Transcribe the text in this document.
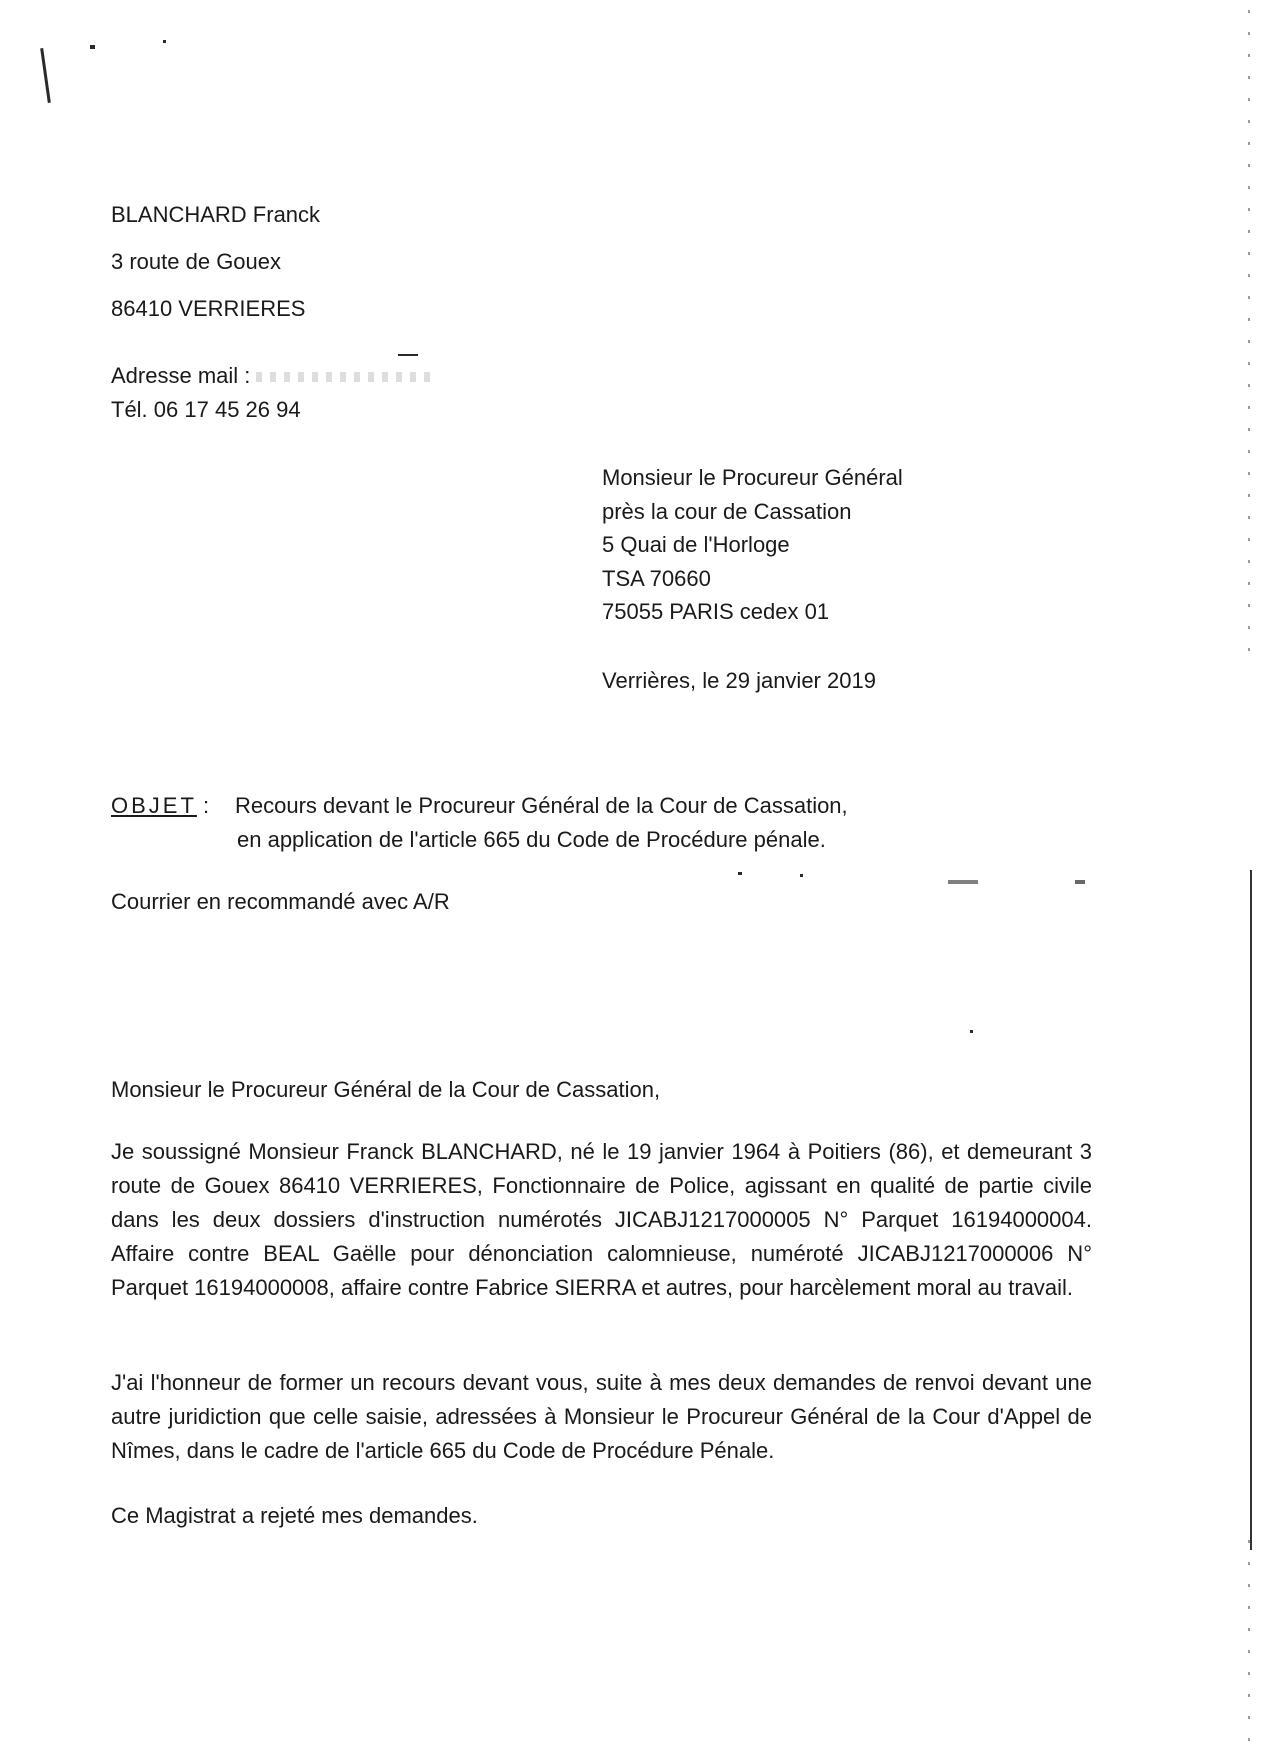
BLANCHARD Franck
3 route de Gouex
86410 VERRIERES
Adresse mail :
Tél. 06 17 45 26 94
Monsieur le Procureur Général
près la cour de Cassation
5 Quai de l'Horloge
TSA 70660
75055 PARIS cedex 01
Verrières, le 29 janvier 2019
OBJET : Recours devant le Procureur Général de la Cour de Cassation,
en application de l'article 665 du Code de Procédure pénale.
Courrier en recommandé avec A/R
Monsieur le Procureur Général de la Cour de Cassation,
Je soussigné Monsieur Franck BLANCHARD, né le 19 janvier 1964 à Poitiers (86), et demeurant 3 route de Gouex 86410 VERRIERES, Fonctionnaire de Police, agissant en qualité de partie civile dans les deux dossiers d'instruction numérotés JICABJ1217000005 N° Parquet 16194000004. Affaire contre BEAL Gaëlle pour dénonciation calomnieuse, numéroté JICABJ1217000006 N° Parquet 16194000008, affaire contre Fabrice SIERRA et autres, pour harcèlement moral au travail.
J'ai l'honneur de former un recours devant vous, suite à mes deux demandes de renvoi devant une autre juridiction que celle saisie, adressées à Monsieur le Procureur Général de la Cour d'Appel de Nîmes, dans le cadre de l'article 665 du Code de Procédure Pénale.
Ce Magistrat a rejeté mes demandes.
